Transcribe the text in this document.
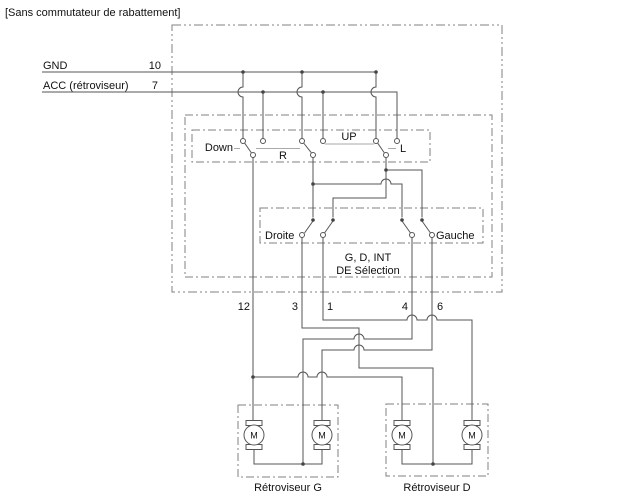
M	M	M	M
[Sans commutateur de rabattement]
GND	10
ACC (rétroviseur) 7
Down
UP
R
L
Droite	Gauche
G, D, INT
DE Sélection
12	3	1	4	6
Rétroviseur G	Rétroviseur D
